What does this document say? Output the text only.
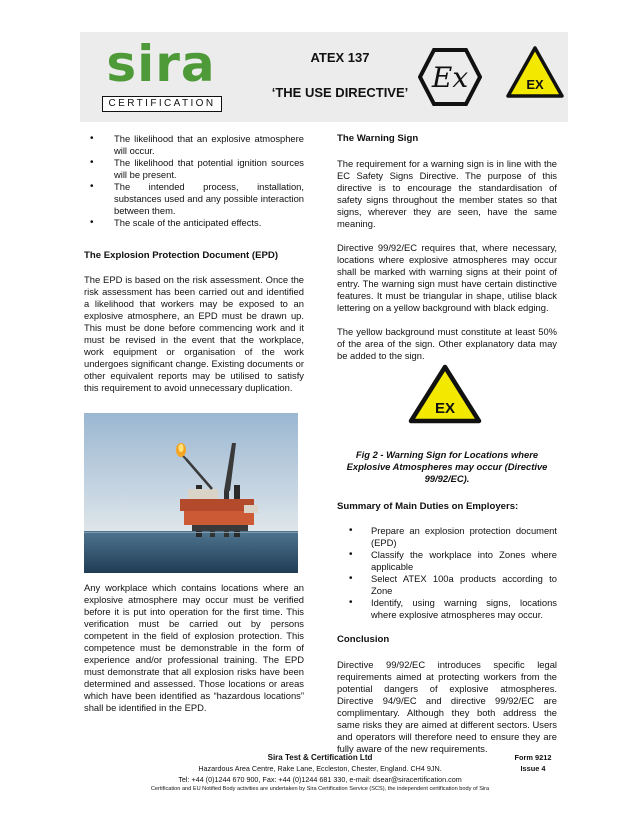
sira
CERTIFICATION
ATEX 137
‘THE USE DIRECTIVE’ Ex	EX
• The likelihood that an explosive atmosphere will occur.
• The likelihood that potential ignition sources will be present.
• The intended process, installation, substances used and any possible interaction between them.
• The scale of the anticipated effects.
The Explosion Protection Document (EPD)

The EPD is based on the risk assessment. Once the risk assessment has been carried out and identified a likelihood that workers may be exposed to an explosive atmosphere, an EPD must be drawn up. This must be done before commencing work and it must be revised in the event that the workplace, work equipment or organisation of the work undergoes significant change. Existing documents or other equivalent reports may be utilised to satisfy this requirement to avoid unnecessary duplication.

Any workplace which contains locations where an explosive atmosphere may occur must be verified before it is put into operation for the first time. This verification must be carried out by persons competent in the field of explosion protection. This competence must be demonstrable in the form of experience and/or professional training. The EPD must demonstrate that all explosion risks have been determined and assessed. Those locations or areas which have been identified as “hazardous locations” shall be identified in the EPD.

The Warning Sign

The requirement for a warning sign is in line with the EC Safety Signs Directive. The purpose of this directive is to encourage the standardisation of safety signs throughout the member states so that signs, wherever they are seen, have the same meaning.

Directive 99/92/EC requires that, where necessary, locations where explosive atmospheres may occur shall be marked with warning signs at their point of entry. The warning sign must have certain distinctive features. It must be triangular in shape, utilise black lettering on a yellow background with black edging.

The yellow background must constitute at least 50% of the area of the sign. Other explanatory data may be added to the sign.

EX
Fig 2 - Warning Sign for Locations where Explosive Atmospheres may occur (Directive 99/92/EC).
Summary of Main Duties on Employers:
• Prepare an explosion protection document (EPD)
• Classify the workplace into Zones where applicable
• Select ATEX 100a products according to Zone
• Identify, using warning signs, locations where explosive atmospheres may occur.
Conclusion

Directive 99/92/EC introduces specific legal requirements aimed at protecting workers from the potential dangers of explosive atmospheres. Directive 94/9/EC and directive 99/92/EC are complimentary. Although they both address the same risks they are aimed at different sectors. Users and operators will therefore need to ensure they are fully aware of the new requirements.

Sira Test & Certification Ltd
Hazardous Area Centre, Rake Lane, Eccleston, Chester, England. CH4 9JN.
Tel: +44 (0)1244 670 900, Fax: +44 (0)1244 681 330, e-mail: dsear@siracertification.com
Certification and EU Notified Body activities are undertaken by Sira Certification Service (SCS), the independent certification body of Sira
Form 9212
Issue 4
